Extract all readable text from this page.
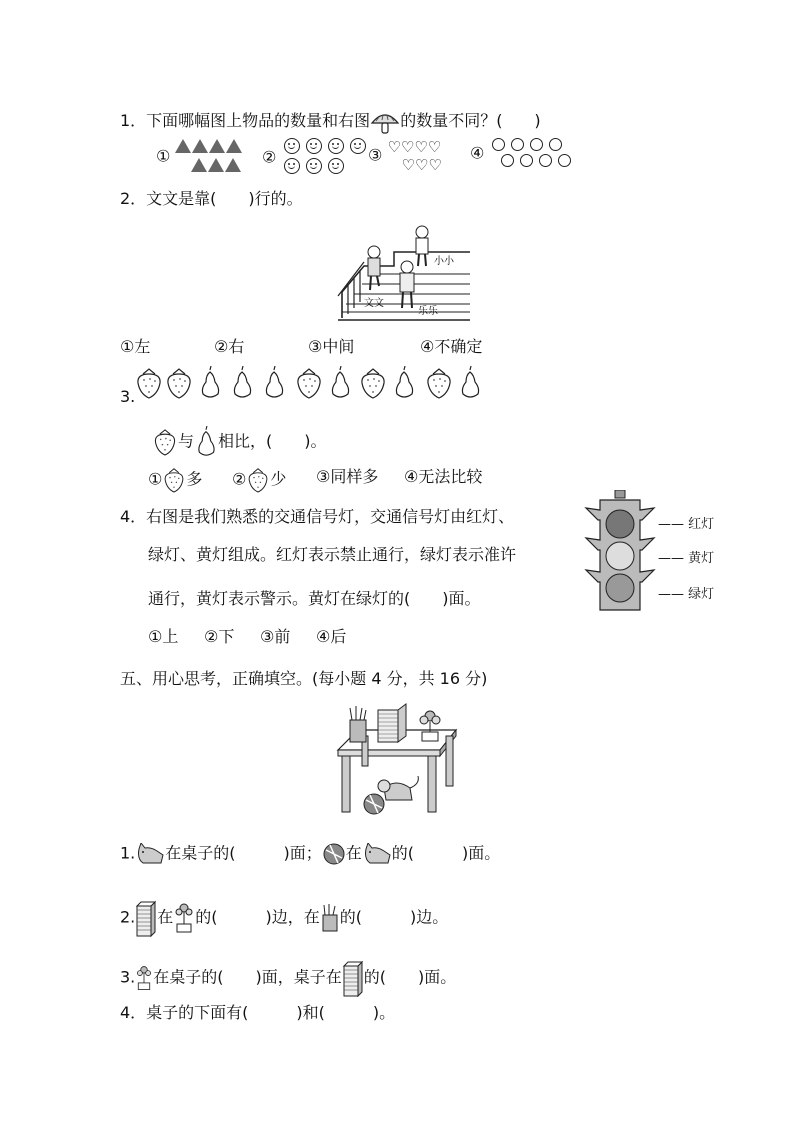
1．下面哪幅图上物品的数量和右图 的数量不同？(　　)
①	②	③ ♡♡♡♡
♡♡♡
④

2．文文是靠(　　)行的。
小小
文文
乐乐
①左	②右	③中间	④不确定
3.
与 相比，(　　)。
① 多 ② 少 ③同样多 ④无法比较
4．右图是我们熟悉的交通信号灯，交通信号灯由红灯、
绿灯、黄灯组成。红灯表示禁止通行，绿灯表示准许
通行，黄灯表示警示。黄灯在绿灯的(　　)面。
—— 红灯
—— 黄灯
—— 绿灯
①上 ②下 ③前 ④后
五、用心思考，正确填空。(每小题 4 分，共 16 分)
1. 在桌子的(　　　)面； 在 的(　　　)面。
2. 在 的(　　　)边，在 的(　　　)边。
3. 在桌子的(　　)面，桌子在 的(　　)面。
4．桌子的下面有(　　　)和(　　　)。
